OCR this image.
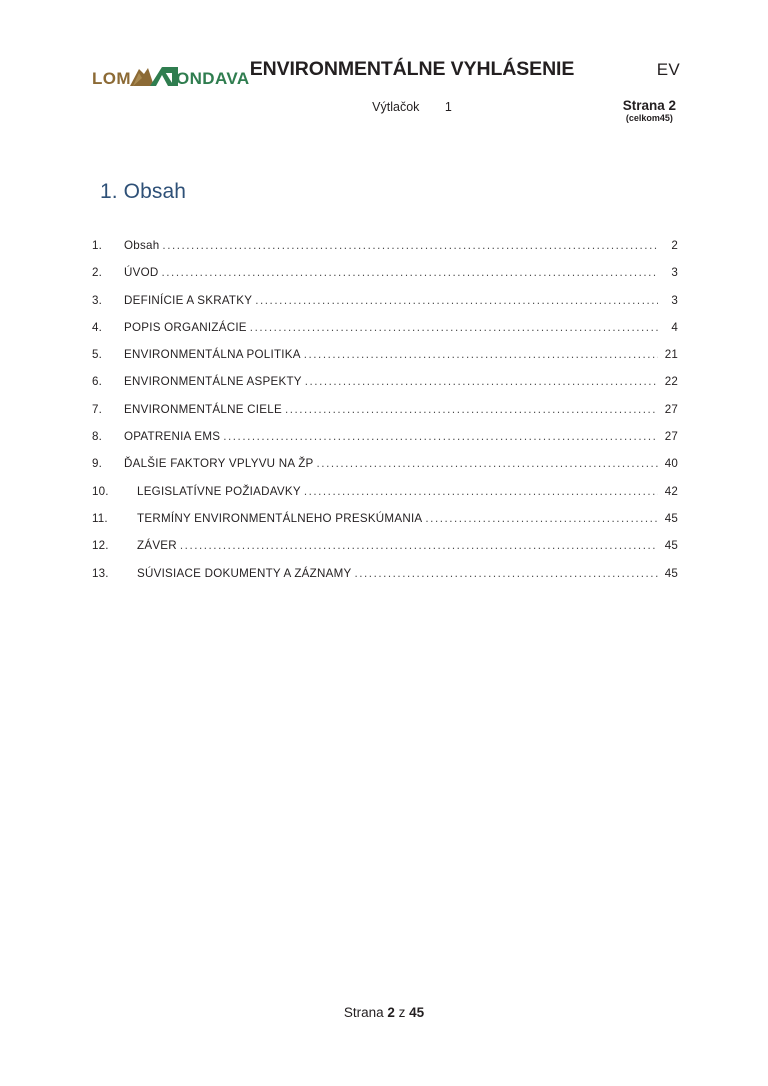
LOM	ONDAVA ENVIRONMENTÁLNE VYHLÁSENIE	EV
Výtlačok 1	Strana 2
(celkom45)
1. Obsah
1.	Obsah .....	2
2.	ÚVOD .....	3
3.	DEFINÍCIE A SKRATKY .....	3
4.	POPIS ORGANIZÁCIE .....	4
5.	ENVIRONMENTÁLNA POLITIKA .....	21
6.	ENVIRONMENTÁLNE ASPEKTY .....	22
7.	ENVIRONMENTÁLNE CIELE .....	27
8.	OPATRENIA EMS .....	27
9.	ĎALŠIE FAKTORY VPLYVU NA ŽP .....	40
10.	LEGISLATÍVNE POŽIADAVKY .....	42
11.	TERMÍNY ENVIRONMENTÁLNEHO PRESKÚMANIA .....	45
12.	ZÁVER .....	45
13.	SÚVISIACE DOKUMENTY A ZÁZNAMY .....	45
Strana 2 z 45
